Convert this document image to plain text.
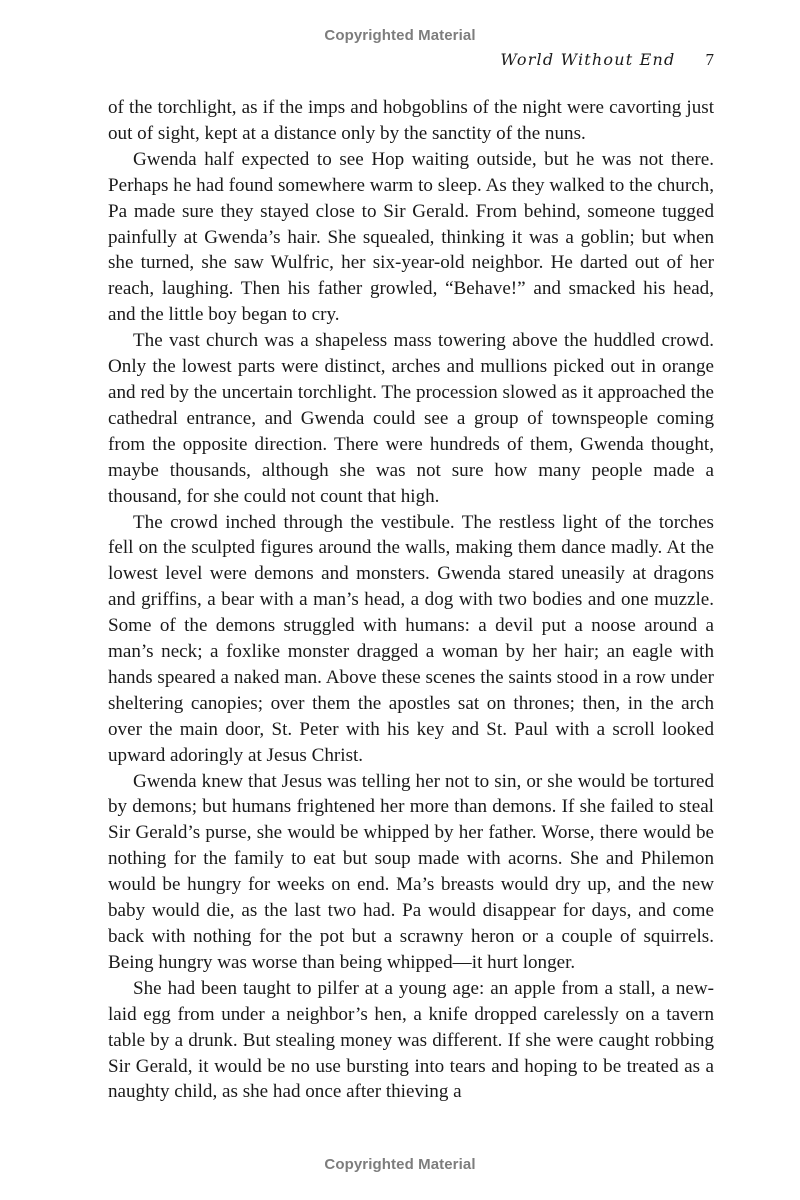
Copyrighted Material
World Without End 7

of the torchlight, as if the imps and hobgoblins of the night were cavorting just out of sight, kept at a distance only by the sanctity of the nuns.

Gwenda half expected to see Hop waiting outside, but he was not there. Perhaps he had found somewhere warm to sleep. As they walked to the church, Pa made sure they stayed close to Sir Gerald. From behind, someone tugged painfully at Gwenda’s hair. She squealed, thinking it was a goblin; but when she turned, she saw Wulfric, her six-year-old neighbor. He darted out of her reach, laughing. Then his father growled, “Behave!” and smacked his head, and the little boy began to cry.

The vast church was a shapeless mass towering above the huddled crowd. Only the lowest parts were distinct, arches and mullions picked out in orange and red by the uncertain torchlight. The procession slowed as it approached the cathedral entrance, and Gwenda could see a group of townspeople coming from the opposite direction. There were hundreds of them, Gwenda thought, maybe thousands, although she was not sure how many people made a thousand, for she could not count that high.

The crowd inched through the vestibule. The restless light of the torches fell on the sculpted figures around the walls, making them dance madly. At the lowest level were demons and monsters. Gwenda stared uneasily at dragons and griffins, a bear with a man’s head, a dog with two bodies and one muzzle. Some of the demons struggled with humans: a devil put a noose around a man’s neck; a foxlike monster dragged a woman by her hair; an eagle with hands speared a naked man. Above these scenes the saints stood in a row under sheltering canopies; over them the apostles sat on thrones; then, in the arch over the main door, St. Peter with his key and St. Paul with a scroll looked upward adoringly at Jesus Christ.

Gwenda knew that Jesus was telling her not to sin, or she would be tortured by demons; but humans frightened her more than demons. If she failed to steal Sir Gerald’s purse, she would be whipped by her father. Worse, there would be nothing for the family to eat but soup made with acorns. She and Philemon would be hungry for weeks on end. Ma’s breasts would dry up, and the new baby would die, as the last two had. Pa would disappear for days, and come back with nothing for the pot but a scrawny heron or a couple of squirrels. Being hungry was worse than being whipped—it hurt longer.

She had been taught to pilfer at a young age: an apple from a stall, a new-laid egg from under a neighbor’s hen, a knife dropped carelessly on a tavern table by a drunk. But stealing money was different. If she were caught robbing Sir Gerald, it would be no use bursting into tears and hoping to be treated as a naughty child, as she had once after thieving a

Copyrighted Material
